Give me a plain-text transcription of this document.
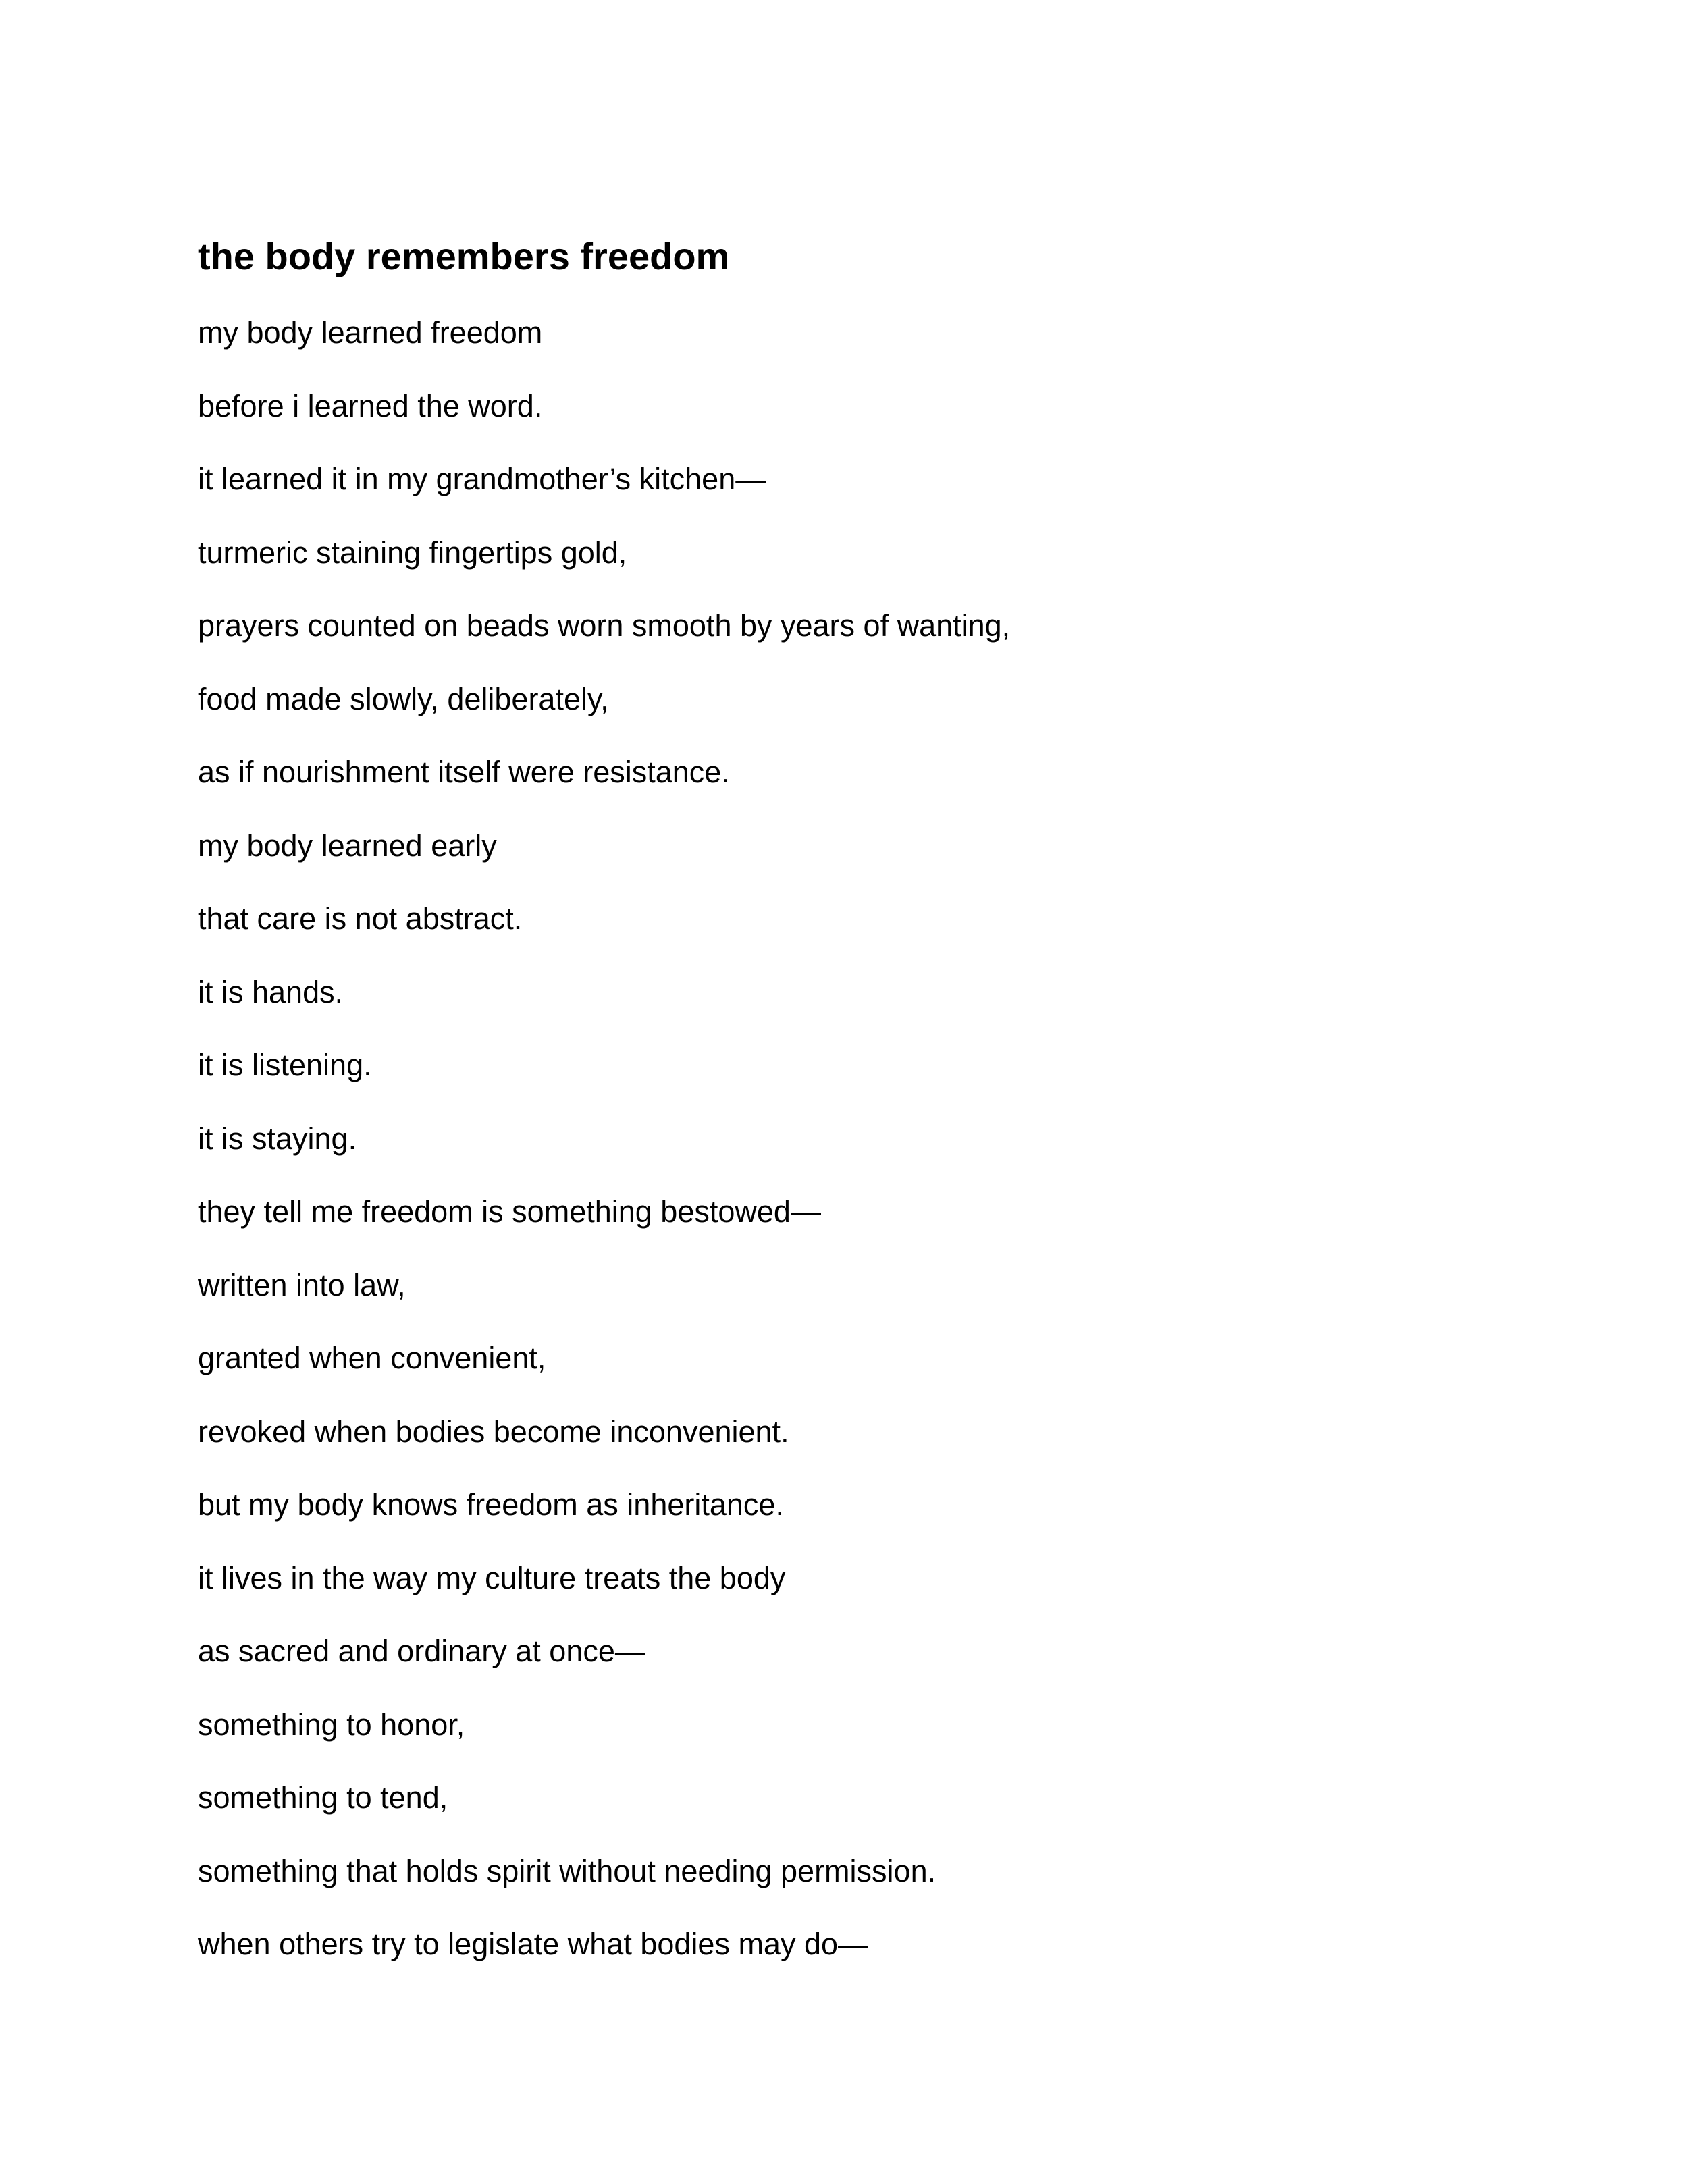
the body remembers freedom

my body learned freedom

before i learned the word.

it learned it in my grandmother’s kitchen—

turmeric staining fingertips gold,

prayers counted on beads worn smooth by years of wanting,

food made slowly, deliberately,

as if nourishment itself were resistance.

my body learned early

that care is not abstract.

it is hands.

it is listening.

it is staying.

they tell me freedom is something bestowed—

written into law,

granted when convenient,

revoked when bodies become inconvenient.

but my body knows freedom as inheritance.

it lives in the way my culture treats the body

as sacred and ordinary at once—

something to honor,

something to tend,

something that holds spirit without needing permission.

when others try to legislate what bodies may do—
